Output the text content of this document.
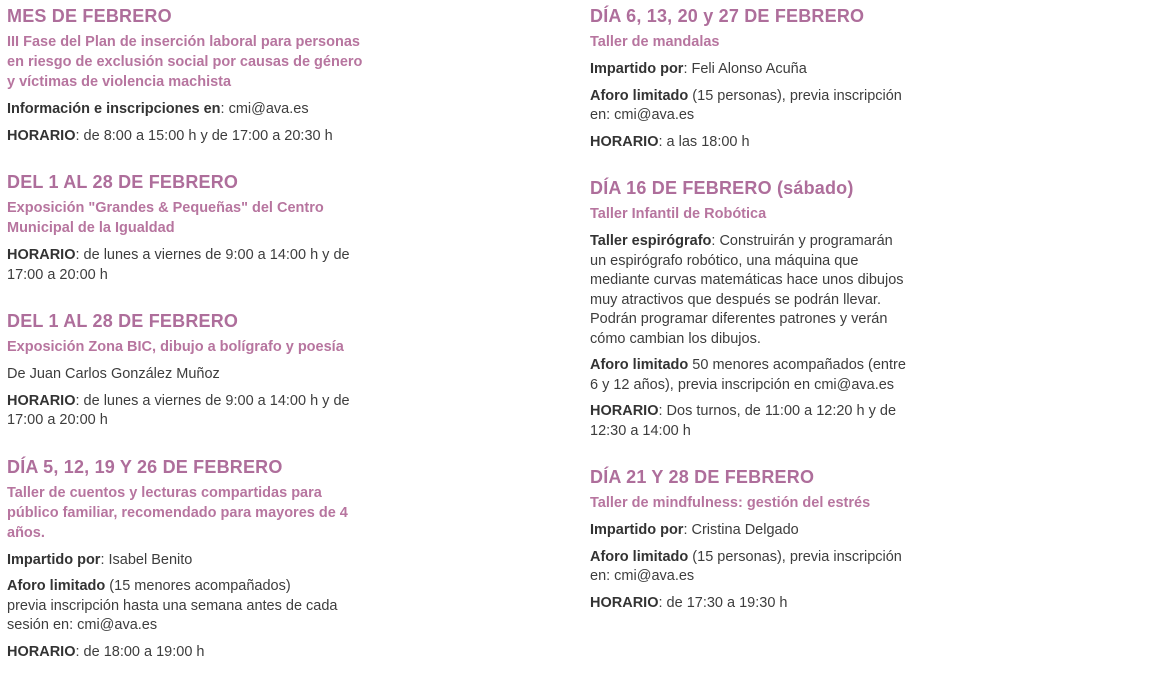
MES DE FEBRERO
III Fase del Plan de inserción laboral para personas en riesgo de exclusión social por causas de género y víctimas de violencia machista

Información e inscripciones en: cmi@ava.es

HORARIO: de 8:00 a 15:00 h y de 17:00 a 20:30 h

DEL 1 AL 28 DE FEBRERO
Exposición "Grandes & Pequeñas" del Centro Municipal de la Igualdad

HORARIO: de lunes a viernes de 9:00 a 14:00 h y de 17:00 a 20:00 h

DEL 1 AL 28 DE FEBRERO
Exposición Zona BIC, dibujo a bolígrafo y poesía

De Juan Carlos González Muñoz

HORARIO: de lunes a viernes de 9:00 a 14:00 h y de 17:00 a 20:00 h

DÍA 5, 12, 19 Y 26 DE FEBRERO
Taller de cuentos y lecturas compartidas para público familiar, recomendado para mayores de 4 años.

Impartido por: Isabel Benito

Aforo limitado (15 menores acompañados)
previa inscripción hasta una semana antes de cada sesión en: cmi@ava.es

HORARIO: de 18:00 a 19:00 h

DÍA 6, 13, 20 y 27 DE FEBRERO
Taller de mandalas

Impartido por: Feli Alonso Acuña

Aforo limitado (15 personas), previa inscripción en: cmi@ava.es

HORARIO: a las 18:00 h

DÍA 16 DE FEBRERO (sábado)
Taller Infantil de Robótica

Taller espirógrafo: Construirán y programarán un espirógrafo robótico, una máquina que mediante curvas matemáticas hace unos dibujos muy atractivos que después se podrán llevar. Podrán programar diferentes patrones y verán cómo cambian los dibujos.

Aforo limitado 50 menores acompañados (entre 6 y 12 años), previa inscripción en cmi@ava.es

HORARIO: Dos turnos, de 11:00 a 12:20 h y de 12:30 a 14:00 h

DÍA 21 Y 28 DE FEBRERO
Taller de mindfulness: gestión del estrés

Impartido por: Cristina Delgado

Aforo limitado (15 personas), previa inscripción en: cmi@ava.es

HORARIO: de 17:30 a 19:30 h
